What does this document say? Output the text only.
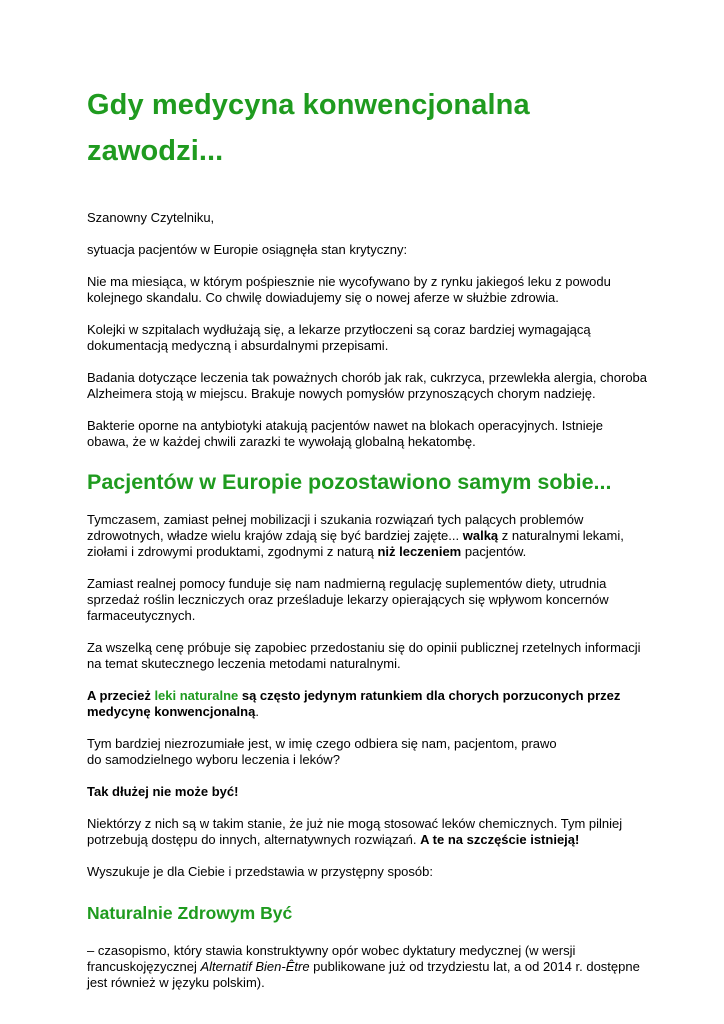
Gdy medycyna konwencjonalna
zawodzi...

Szanowny Czytelniku,

sytuacja pacjentów w Europie osiągnęła stan krytyczny:

Nie ma miesiąca, w którym pośpiesznie nie wycofywano by z rynku jakiegoś leku z powodu kolejnego skandalu. Co chwilę dowiadujemy się o nowej aferze w służbie zdrowia.

Kolejki w szpitalach wydłużają się, a lekarze przytłoczeni są coraz bardziej wymagającą dokumentacją medyczną i absurdalnymi przepisami.

Badania dotyczące leczenia tak poważnych chorób jak rak, cukrzyca, przewlekła alergia, choroba Alzheimera stoją w miejscu. Brakuje nowych pomysłów przynoszących chorym nadzieję.

Bakterie oporne na antybiotyki atakują pacjentów nawet na blokach operacyjnych. Istnieje obawa, że w każdej chwili zarazki te wywołają globalną hekatombę.

Pacjentów w Europie pozostawiono samym sobie...

Tymczasem, zamiast pełnej mobilizacji i szukania rozwiązań tych palących problemów zdrowotnych, władze wielu krajów zdają się być bardziej zajęte... walką z naturalnymi lekami, ziołami i zdrowymi produktami, zgodnymi z naturą niż leczeniem pacjentów.

Zamiast realnej pomocy funduje się nam nadmierną regulację suplementów diety, utrudnia sprzedaż roślin leczniczych oraz prześladuje lekarzy opierających się wpływom koncernów farmaceutycznych.

Za wszelką cenę próbuje się zapobiec przedostaniu się do opinii publicznej rzetelnych informacji na temat skutecznego leczenia metodami naturalnymi.

A przecież leki naturalne są często jedynym ratunkiem dla chorych porzuconych przez medycynę konwencjonalną.

Tym bardziej niezrozumiałe jest, w imię czego odbiera się nam, pacjentom, prawo
do samodzielnego wyboru leczenia i leków?

Tak dłużej nie może być!

Niektórzy z nich są w takim stanie, że już nie mogą stosować leków chemicznych. Tym pilniej potrzebują dostępu do innych, alternatywnych rozwiązań. A te na szczęście istnieją!

Wyszukuje je dla Ciebie i przedstawia w przystępny sposób:

Naturalnie Zdrowym Być

– czasopismo, który stawia konstruktywny opór wobec dyktatury medycznej (w wersji francuskojęzycznej Alternatif Bien-Être publikowane już od trzydziestu lat, a od 2014 r. dostępne jest również w języku polskim).
